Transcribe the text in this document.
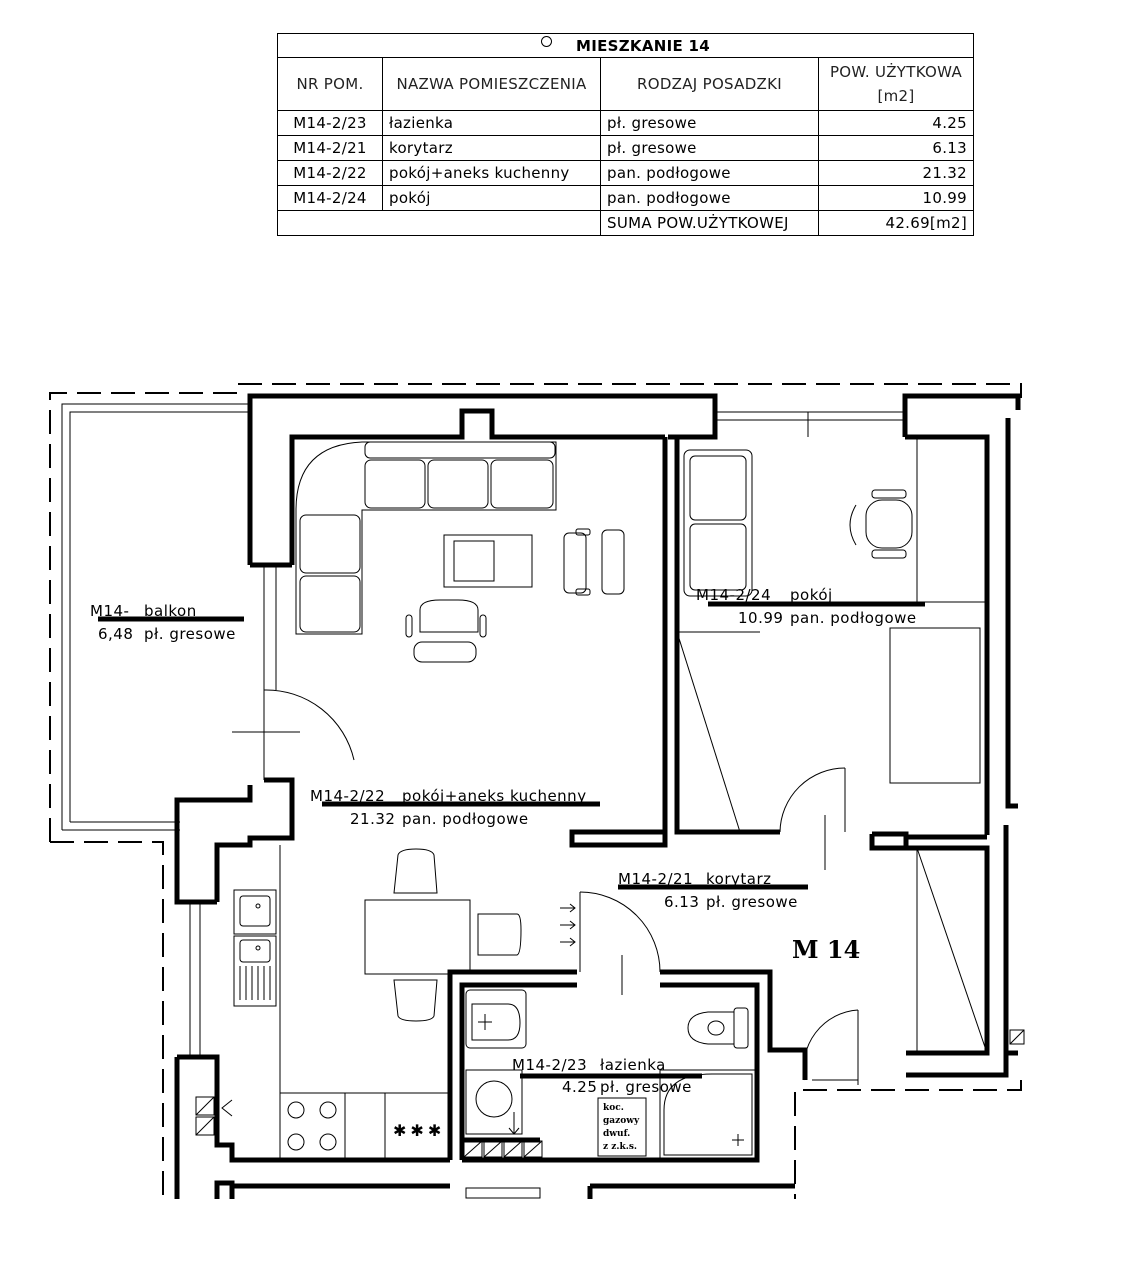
MIESZKANIE 14			
NR POM.	NAZWA POMIESZCZENIA	RODZAJ POSADZKI	POW. UŻYTKOWA [m2]
M14-2/23	łazienka	pł. gresowe	4.25
M14-2/21	korytarz	pł. gresowe	6.13
M14-2/22	pokój+aneks kuchenny	pan. podłogowe	21.32
M14-2/24	pokój	pan. podłogowe	10.99
		SUMA POW.UŻYTKOWEJ	42.69[m2]
M14- balkon
6,48 pł. gresowe
M14-2/22 pokój+aneks kuchenny
21.32 pan. podłogowe
M14-2/24 pokój
10.99 pan. podłogowe
M14-2/21 korytarz
6.13 pł. gresowe
M14-2/23 łazienka
4.25 pł. gresowe
M 14
✱✱✱
koc.
gazowy
dwuf.
z z.k.s.
